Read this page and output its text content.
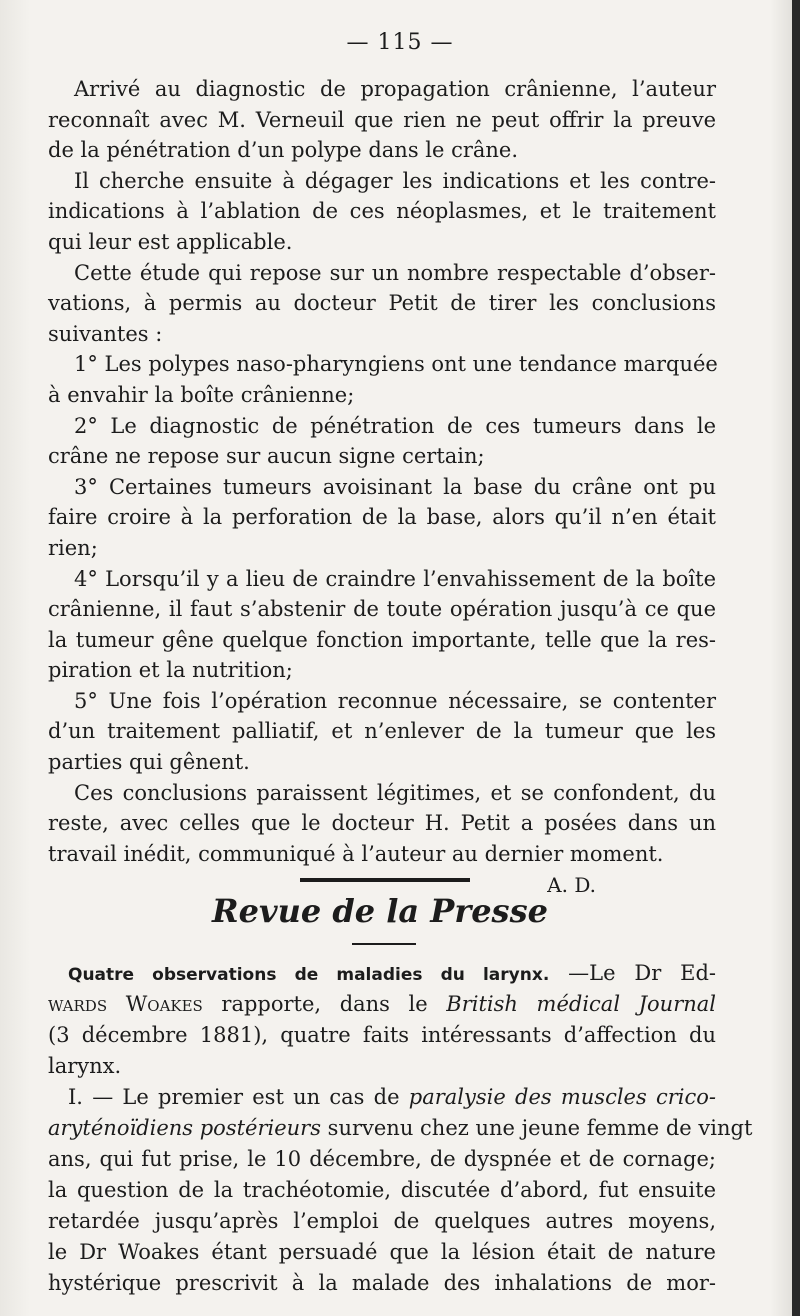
— 115 —
Arrivé au diagnostic de propagation crânienne, l’auteur
reconnaît avec M. Verneuil que rien ne peut offrir la preuve
de la pénétration d’un polype dans le crâne.
Il cherche ensuite à dégager les indications et les contre-
indications à l’ablation de ces néoplasmes, et le traitement
qui leur est applicable.
Cette étude qui repose sur un nombre respectable d’obser-
vations, à permis au docteur Petit de tirer les conclusions
suivantes :
1° Les polypes naso-pharyngiens ont une tendance marquée
à envahir la boîte crânienne;
2° Le diagnostic de pénétration de ces tumeurs dans le
crâne ne repose sur aucun signe certain;
3° Certaines tumeurs avoisinant la base du crâne ont pu
faire croire à la perforation de la base, alors qu’il n’en était
rien;
4° Lorsqu’il y a lieu de craindre l’envahissement de la boîte
crânienne, il faut s’abstenir de toute opération jusqu’à ce que
la tumeur gêne quelque fonction importante, telle que la res-
piration et la nutrition;
5° Une fois l’opération reconnue nécessaire, se contenter
d’un traitement palliatif, et n’enlever de la tumeur que les
parties qui gênent.
Ces conclusions paraissent légitimes, et se confondent, du
reste, avec celles que le docteur H. Petit a posées dans un
travail inédit, communiqué à l’auteur au dernier moment.
A. D.
Revue de la Presse
Quatre observations de maladies du larynx. —Le Dr Ed-
wards Woakes rapporte, dans le British médical Journal
(3 décembre 1881), quatre faits intéressants d’affection du
larynx.
I. — Le premier est un cas de paralysie des muscles crico-
aryténoïdiens postérieurs survenu chez une jeune femme de vingt
ans, qui fut prise, le 10 décembre, de dyspnée et de cornage;
la question de la trachéotomie, discutée d’abord, fut ensuite
retardée jusqu’après l’emploi de quelques autres moyens,
le Dr Woakes étant persuadé que la lésion était de nature
hystérique prescrivit à la malade des inhalations de mor-
